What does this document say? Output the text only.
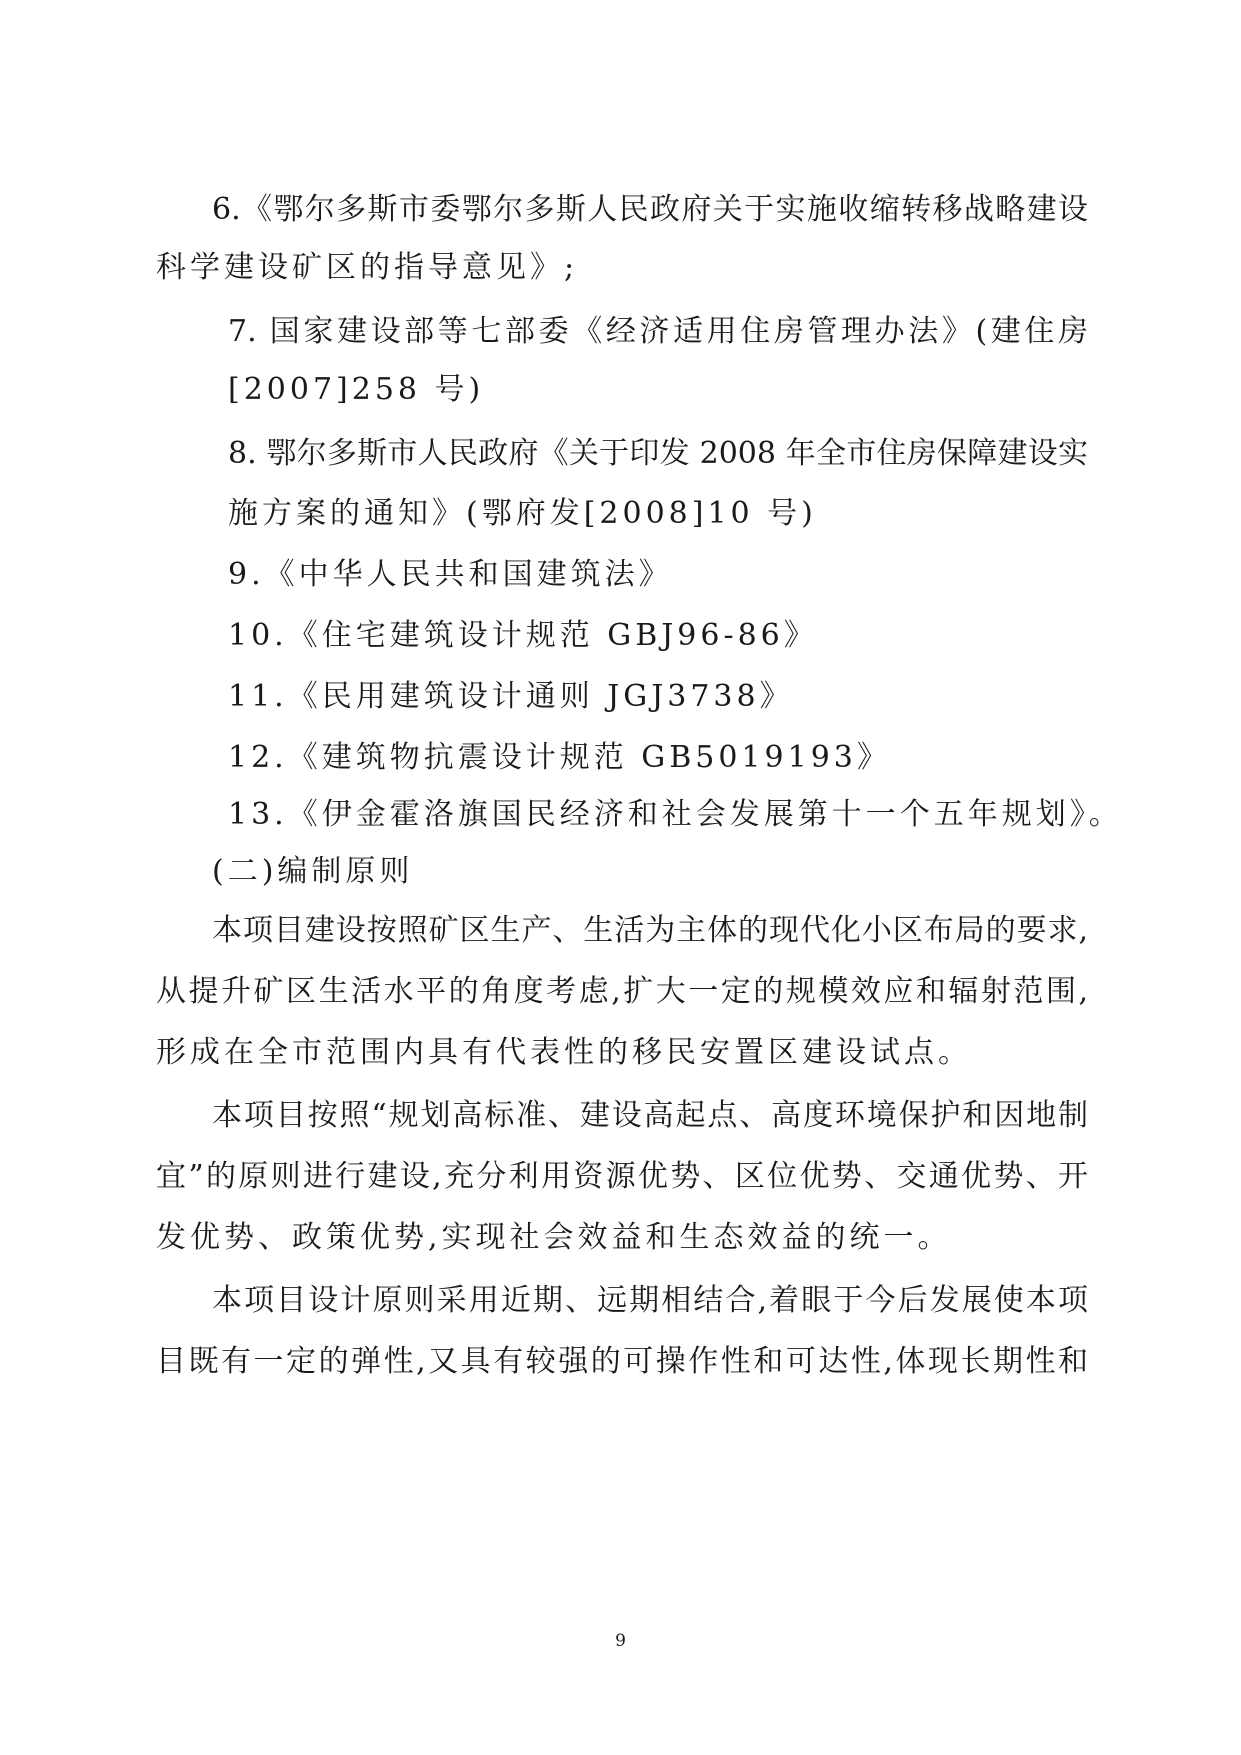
6.《鄂尔多斯市委鄂尔多斯人民政府关于实施收缩转移战略建设
科学建设矿区的指导意见》;
7. 国家建设部等七部委《经济适用住房管理办法》(建住房
[2007]258 号)
8. 鄂尔多斯市人民政府《关于印发 2008 年全市住房保障建设实
施方案的通知》(鄂府发[2008]10 号)
9.《中华人民共和国建筑法》
10.《住宅建筑设计规范 GBJ96-86》
11.《民用建筑设计通则 JGJ3738》
12.《建筑物抗震设计规范 GB5019193》
13.《伊金霍洛旗国民经济和社会发展第十一个五年规划》。
(二)编制原则
本项目建设按照矿区生产、生活为主体的现代化小区布局的要求,
从提升矿区生活水平的角度考虑,扩大一定的规模效应和辐射范围,
形成在全市范围内具有代表性的移民安置区建设试点。
本项目按照“规划高标准、建设高起点、高度环境保护和因地制
宜”的原则进行建设,充分利用资源优势、区位优势、交通优势、开
发优势、政策优势,实现社会效益和生态效益的统一。
本项目设计原则采用近期、远期相结合,着眼于今后发展使本项
目既有一定的弹性,又具有较强的可操作性和可达性,体现长期性和
9
